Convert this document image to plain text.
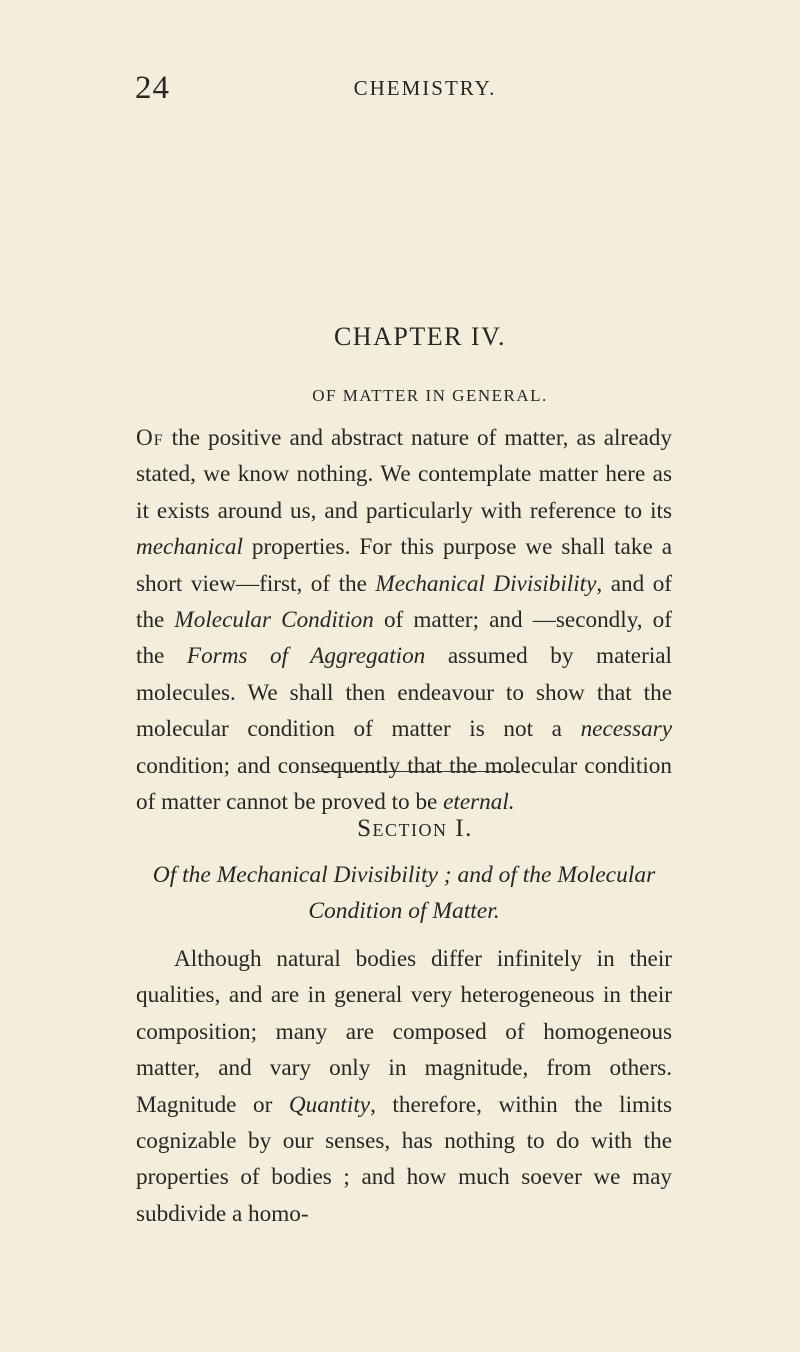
24	CHEMISTRY.
CHAPTER IV.
OF MATTER IN GENERAL.
Of the positive and abstract nature of matter, as already stated, we know nothing. We contemplate matter here as it exists around us, and particularly with reference to its mechanical properties. For this purpose we shall take a short view—first, of the Mechanical Divisibility, and of the Molecular Condition of matter; and —secondly, of the Forms of Aggregation assumed by material molecules. We shall then endeavour to show that the molecular condition of matter is not a necessary condition; and consequently that the molecular condition of matter cannot be proved to be eternal.
Section I.
Of the Mechanical Divisibility ; and of the Molecular Condition of Matter.
Although natural bodies differ infinitely in their qualities, and are in general very heterogeneous in their composition; many are composed of homogeneous matter, and vary only in magnitude, from others. Magnitude or Quantity, therefore, within the limits cognizable by our senses, has nothing to do with the properties of bodies ; and how much soever we may subdivide a homo-
